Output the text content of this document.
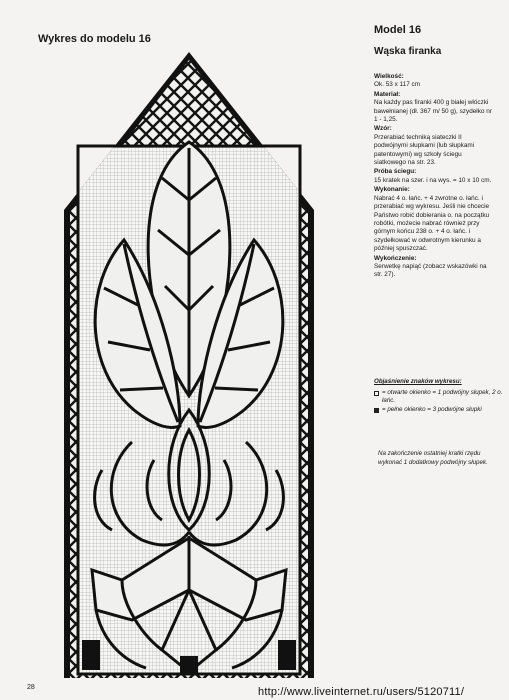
Wykres do modelu 16
Model 16
Wąska firanka
Wielkość:
Ok. 53 x 117 cm
Materiał:
Na każdy pas firanki 400 g białej włóczki bawełnianej (dł. 367 m/ 50 g), szydełko nr 1 - 1,25.
Wzór:
Przerabiać techniką siateczki II podwójnymi słupkami (lub słupkami patentowymi) wg szkoły ściegu siatkowego na str. 23.
Próba ściegu:
15 kratek na szer. i na wys. = 10 x 10 cm.
Wykonanie:
Nabrać 4 o. łańc. + 4 zwrotne o. łańc. i przerabiać wg wykresu. Jeśli nie chcecie Państwo robić dobierania o. na początku robótki, możecie nabrać również przy górnym końcu 238 o. + 4 o. łańc. i szydełkować w odwrotnym kierunku a później spuszczać.
Wykończenie:
Serwetkę napiąć (zobacz wskazówki na str. 27).
Objaśnienie znaków wykresu:
= otwarte okienko = 1 podwójny słupek, 2 o. łańc.
= pełne okienko = 3 podwójne słupki
Na zakończenie ostatniej kratki rzędu wykonać 1 dodatkowy podwójny słupek.
28	http://www.liveinternet.ru/users/5120711/
